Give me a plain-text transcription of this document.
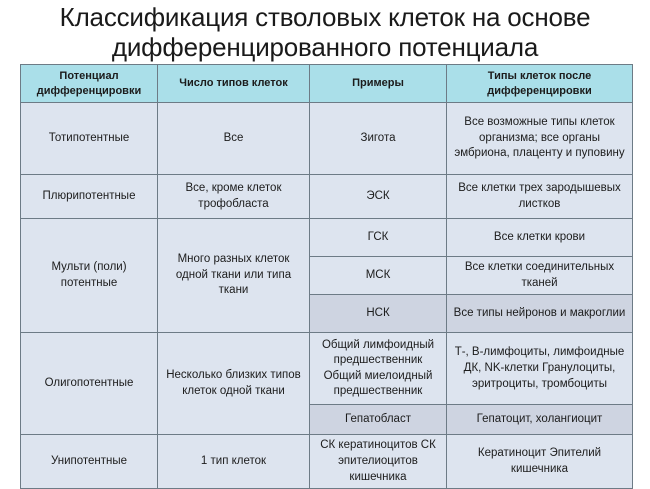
Классификация стволовых клеток на основе дифференцированного потенциала
Потенциал дифференцировки	Число типов клеток	Примеры	Типы клеток после дифференцировки
Тотипотентные	Все	Зигота	Все возможные типы клеток организма; все органы эмбриона, плаценту и пуповину
Плюрипотентные	Все, кроме клеток трофобласта	ЭСК	Все клетки трех зародышевых листков
Мульти (поли) потентные	Много разных клеток одной ткани или типа ткани	ГСК	Все клетки крови
		МСК	Все клетки соединительных тканей
		НСК	Все типы нейронов и макроглии
Олигопотентные	Несколько близких типов клеток одной ткани	Общий лимфоидный предшественник Общий миелоидный предшественник	Т-, В-лимфоциты, лимфоидные ДК, NK-клетки Гранулоциты, эритроциты, тромбоциты
		Гепатобласт	Гепатоцит, холангиоцит
Унипотентные	1 тип клеток	СК кератиноцитов СК эпителиоцитов кишечника	Кератиноцит Эпителий кишечника
